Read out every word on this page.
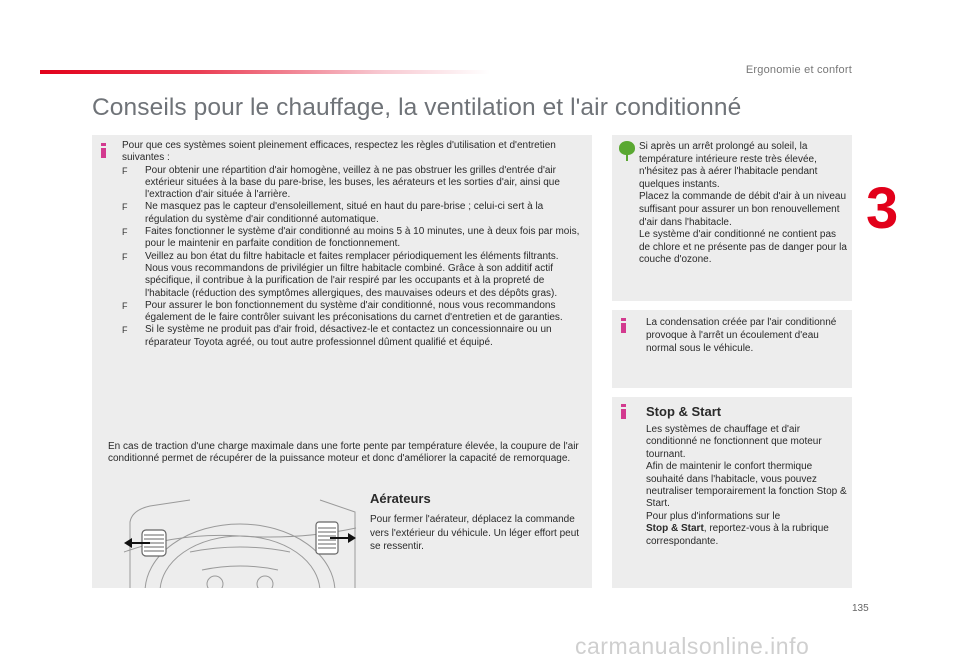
Ergonomie et confort
3
Conseils pour le chauffage, la ventilation et l'air conditionné

Pour que ces systèmes soient pleinement efficaces, respectez les règles d'utilisation et d'entretien suivantes :

F Pour obtenir une répartition d'air homogène, veillez à ne pas obstruer les grilles d'entrée d'air extérieur situées à la base du pare-brise, les buses, les aérateurs et les sorties d'air, ainsi que l'extraction d'air située à l'arrière.
F Ne masquez pas le capteur d'ensoleillement, situé en haut du pare-brise ; celui-ci sert à la régulation du système d'air conditionné automatique.
F Faites fonctionner le système d'air conditionné au moins 5 à 10 minutes, une à deux fois par mois, pour le maintenir en parfaite condition de fonctionnement.
F Veillez au bon état du filtre habitacle et faites remplacer périodiquement les éléments filtrants.

Nous vous recommandons de privilégier un filtre habitacle combiné. Grâce à son additif actif spécifique, il contribue à la purification de l'air respiré par les occupants et à la propreté de l'habitacle (réduction des symptômes allergiques, des mauvaises odeurs et des dépôts gras).

F Pour assurer le bon fonctionnement du système d'air conditionné, nous vous recommandons également de le faire contrôler suivant les préconisations du carnet d'entretien et de garanties.
F Si le système ne produit pas d'air froid, désactivez-le et contactez un concessionnaire ou un réparateur Toyota agréé, ou tout autre professionnel dûment qualifié et équipé.

En cas de traction d'une charge maximale dans une forte pente par température élevée, la coupure de l'air conditionné permet de récupérer de la puissance moteur et donc d'améliorer la capacité de remorquage.

Aérateurs

Pour fermer l'aérateur, déplacez la commande vers l'extérieur du véhicule. Un léger effort peut se ressentir.

Si après un arrêt prolongé au soleil, la température intérieure reste très élevée, n'hésitez pas à aérer l'habitacle pendant quelques instants.

Placez la commande de débit d'air à un niveau suffisant pour assurer un bon renouvellement d'air dans l'habitacle.

Le système d'air conditionné ne contient pas de chlore et ne présente pas de danger pour la couche d'ozone.

La condensation créée par l'air conditionné provoque à l'arrêt un écoulement d'eau normal sous le véhicule.

Stop & Start

Les systèmes de chauffage et d'air conditionné ne fonctionnent que moteur tournant.

Afin de maintenir le confort thermique souhaité dans l'habitacle, vous pouvez neutraliser temporairement la fonction Stop & Start.

Pour plus d'informations sur le
Stop & Start, reportez-vous à la rubrique correspondante.

135
carmanualsonline.info
